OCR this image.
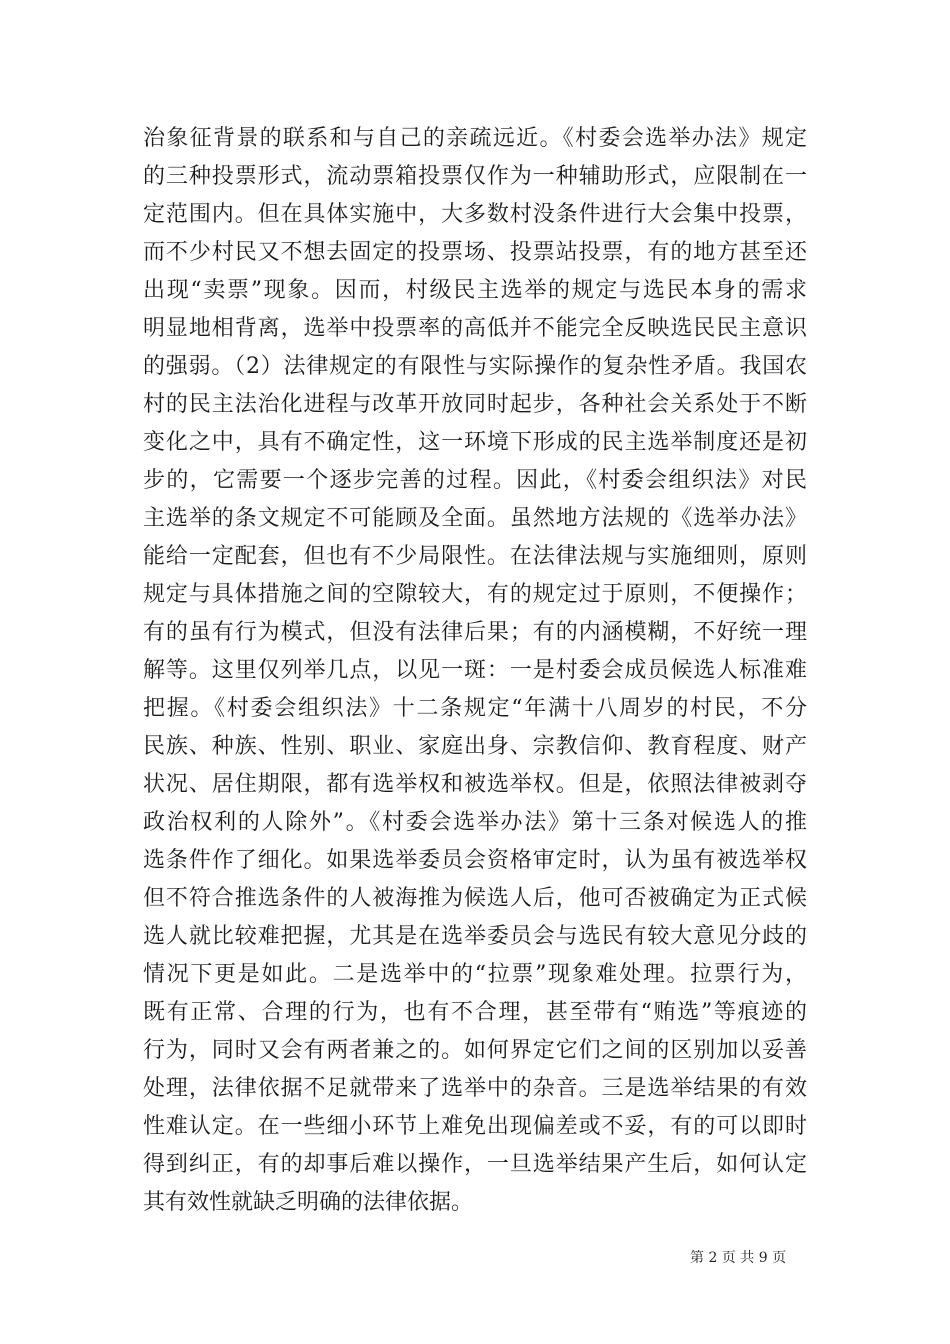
治象征背景的联系和与自己的亲疏远近。《村委会选举办法》规定
的三种投票形式，流动票箱投票仅作为一种辅助形式，应限制在一
定范围内。但在具体实施中，大多数村没条件进行大会集中投票，
而不少村民又不想去固定的投票场、投票站投票，有的地方甚至还
出现“卖票”现象。因而，村级民主选举的规定与选民本身的需求
明显地相背离，选举中投票率的高低并不能完全反映选民民主意识
的强弱。（2）法律规定的有限性与实际操作的复杂性矛盾。我国农
村的民主法治化进程与改革开放同时起步，各种社会关系处于不断
变化之中，具有不确定性，这一环境下形成的民主选举制度还是初
步的，它需要一个逐步完善的过程。因此，《村委会组织法》对民
主选举的条文规定不可能顾及全面。虽然地方法规的《选举办法》
能给一定配套，但也有不少局限性。在法律法规与实施细则，原则
规定与具体措施之间的空隙较大，有的规定过于原则，不便操作；
有的虽有行为模式，但没有法律后果；有的内涵模糊，不好统一理
解等。这里仅列举几点，以见一斑：一是村委会成员候选人标准难
把握。《村委会组织法》十二条规定“年满十八周岁的村民，不分
民族、种族、性别、职业、家庭出身、宗教信仰、教育程度、财产
状况、居住期限，都有选举权和被选举权。但是，依照法律被剥夺
政治权利的人除外”。《村委会选举办法》第十三条对候选人的推
选条件作了细化。如果选举委员会资格审定时，认为虽有被选举权
但不符合推选条件的人被海推为候选人后，他可否被确定为正式候
选人就比较难把握，尤其是在选举委员会与选民有较大意见分歧的
情况下更是如此。二是选举中的“拉票”现象难处理。拉票行为，
既有正常、合理的行为，也有不合理，甚至带有“贿选”等痕迹的
行为，同时又会有两者兼之的。如何界定它们之间的区别加以妥善
处理，法律依据不足就带来了选举中的杂音。三是选举结果的有效
性难认定。在一些细小环节上难免出现偏差或不妥，有的可以即时
得到纠正，有的却事后难以操作，一旦选举结果产生后，如何认定
其有效性就缺乏明确的法律依据。
第 2 页 共 9 页
